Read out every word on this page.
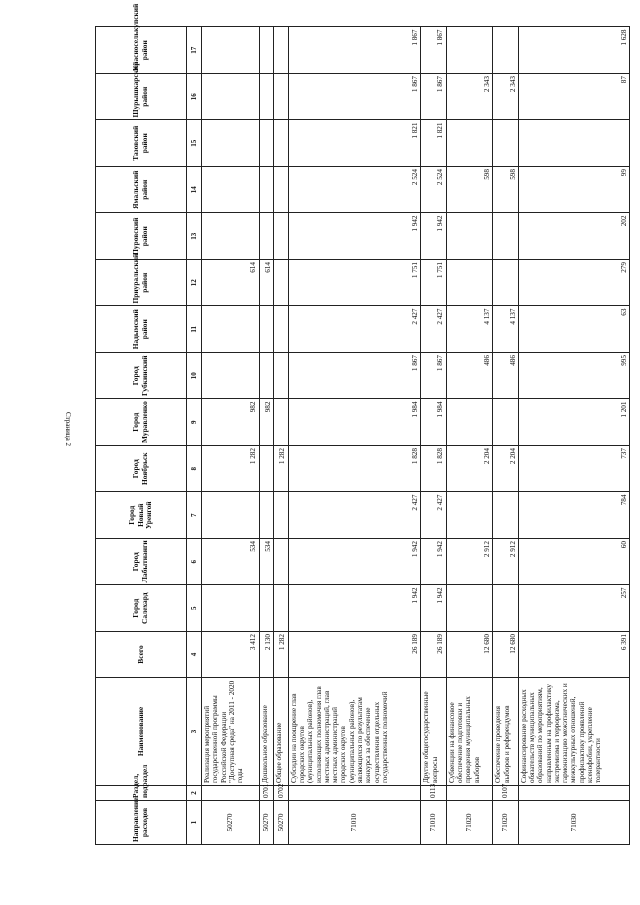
Страница 2
Направление расходов	Раздел, подраздел	Наименование	Всего	Город Салехард	Город Лабытнанги	Город Новый Уренгой	Город Ноябрьск	Город Муравленко	Город Губкинский	Надымский район	Приуральский район	Пуровский район	Ямальский район	Тазовский район	Шурышкарский район	Красноселькупский район
1	2	3	4	5	6	7	8	9	10	11	12	13	14	15	16	17
50270		Реализация мероприятий государственной программы Российской Федерации "Доступная среда" на 2011 - 2020 годы	3 412		534		1 282	982			614					
50270	0701	Дошкольное образование	2 130		534			982			614					
50270	0702	Общее образование	1 282				1 282									
71010		Субсидии на поощрение глав городских округов (муниципальных районов), исполняющих полномочия глав местных администраций, глав местных администраций городских округов (муниципальных районов), являющихся по результатам конкурса за обеспечение осуществления отдельных государственных полномочий	26 189	1 942	1 942	2 427	1 828	1 984	1 867	2 427	1 751	1 942	2 524	1 821	1 867	1 867
71010	0113	Другие общегосударственные вопросы	26 189	1 942	1 942	2 427	1 828	1 984	1 867	2 427	1 751	1 942	2 524	1 821	1 867	1 867
71020		Субвенции на финансовое обеспечение подготовки и проведения муниципальных выборов	12 680		2 912		2 204		486	4 137			598		2 343	
71020	0107	Обеспечение проведения выборов и референдумов	12 680		2 912		2 204		486	4 137			598		2 343	
71030		Софинансирование расходных обязательств муниципальных образований по мероприятиям, направленным на профилактику экстремизма и терроризма, гармонизацию межэтнических и межкультурных отношений, профилактику проявлений ксенофобии, укрепление толерантности	6 391	257	60	784	737	1 201	995	63	279	202	99		87	1 628
